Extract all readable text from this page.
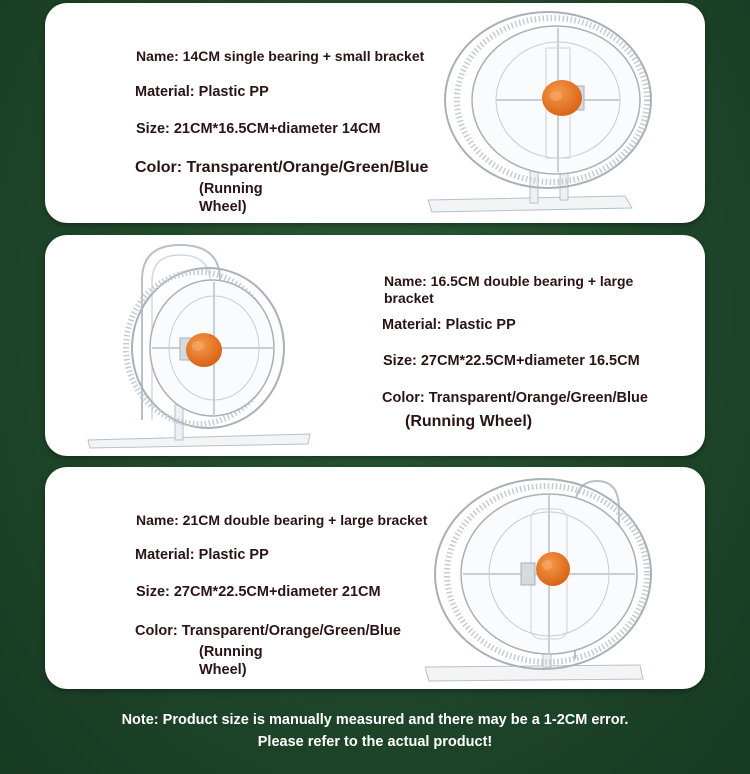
Name: 14CM single bearing + small bracket
Material: Plastic PP
Size: 21CM*16.5CM+diameter 14CM
Color: Transparent/Orange/Green/Blue
(Running
Wheel)
Name: 16.5CM double bearing + large
bracket
Material: Plastic PP
Size: 27CM*22.5CM+diameter 16.5CM
Color: Transparent/Orange/Green/Blue
(Running Wheel)
Name: 21CM double bearing + large bracket
Material: Plastic PP
Size: 27CM*22.5CM+diameter 21CM
Color: Transparent/Orange/Green/Blue
(Running
Wheel)
Note: Product size is manually measured and there may be a 1-2CM error.
Please refer to the actual product!
